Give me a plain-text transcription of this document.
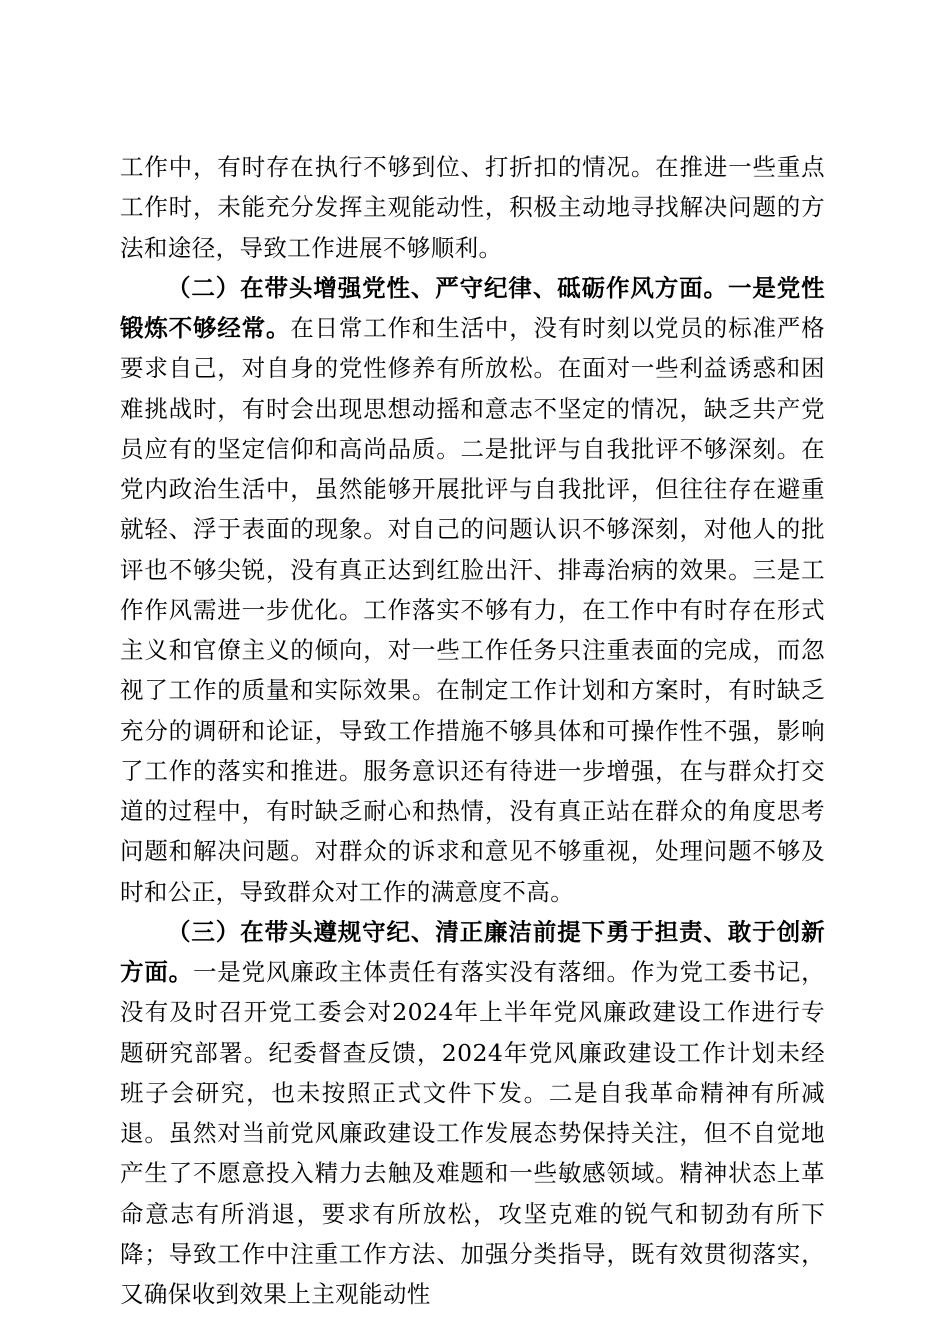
工作中，有时存在执行不够到位、打折扣的情况。在推进一些重点工作时，未能充分发挥主观能动性，积极主动地寻找解决问题的方法和途径，导致工作进展不够顺利。

（二）在带头增强党性、严守纪律、砥砺作风方面。一是党性锻炼不够经常。在日常工作和生活中，没有时刻以党员的标准严格要求自己，对自身的党性修养有所放松。在面对一些利益诱惑和困难挑战时，有时会出现思想动摇和意志不坚定的情况，缺乏共产党员应有的坚定信仰和高尚品质。二是批评与自我批评不够深刻。在党内政治生活中，虽然能够开展批评与自我批评，但往往存在避重就轻、浮于表面的现象。对自己的问题认识不够深刻，对他人的批评也不够尖锐，没有真正达到红脸出汗、排毒治病的效果。三是工作作风需进一步优化。工作落实不够有力，在工作中有时存在形式主义和官僚主义的倾向，对一些工作任务只注重表面的完成，而忽视了工作的质量和实际效果。在制定工作计划和方案时，有时缺乏充分的调研和论证，导致工作措施不够具体和可操作性不强，影响了工作的落实和推进。服务意识还有待进一步增强，在与群众打交道的过程中，有时缺乏耐心和热情，没有真正站在群众的角度思考问题和解决问题。对群众的诉求和意见不够重视，处理问题不够及时和公正，导致群众对工作的满意度不高。

（三）在带头遵规守纪、清正廉洁前提下勇于担责、敢于创新方面。一是党风廉政主体责任有落实没有落细。作为党工委书记，没有及时召开党工委会对2024年上半年党风廉政建设工作进行专题研究部署。纪委督查反馈，2024年党风廉政建设工作计划未经班子会研究，也未按照正式文件下发。二是自我革命精神有所减退。虽然对当前党风廉政建设工作发展态势保持关注，但不自觉地产生了不愿意投入精力去触及难题和一些敏感领域。精神状态上革命意志有所消退，要求有所放松，攻坚克难的锐气和韧劲有所下降；导致工作中注重工作方法、加强分类指导，既有效贯彻落实，又确保收到效果上主观能动性
